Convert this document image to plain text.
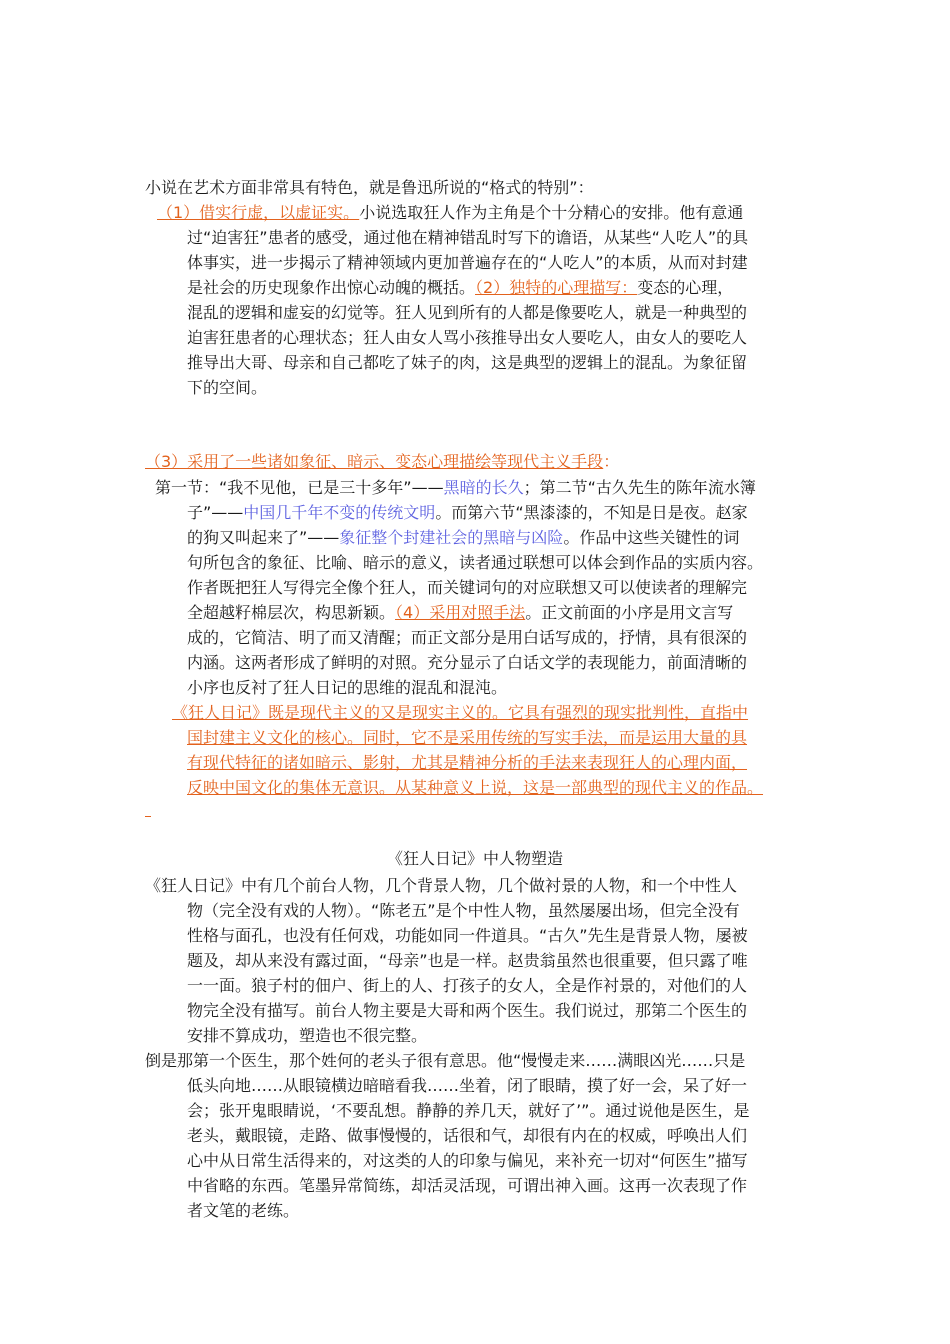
小说在艺术方面非常具有特色，就是鲁迅所说的“格式的特别”：
（1）借实行虚，以虚证实。小说选取狂人作为主角是个十分精心的安排。他有意通
过“迫害狂”患者的感受，通过他在精神错乱时写下的谵语，从某些“人吃人”的具
体事实，进一步揭示了精神领域内更加普遍存在的“人吃人”的本质，从而对封建
是社会的历史现象作出惊心动魄的概括。（2）独特的心理描写：变态的心理，
混乱的逻辑和虚妄的幻觉等。狂人见到所有的人都是像要吃人，就是一种典型的
迫害狂患者的心理状态；狂人由女人骂小孩推导出女人要吃人，由女人的要吃人
推导出大哥、母亲和自己都吃了妹子的肉，这是典型的逻辑上的混乱。为象征留
下的空间。
（3）采用了一些诸如象征、暗示、变态心理描绘等现代主义手段：
第一节：“我不见他，已是三十多年”——黑暗的长久；第二节“古久先生的陈年流水簿
子”——中国几千年不变的传统文明。而第六节“黑漆漆的，不知是日是夜。赵家
的狗又叫起来了”——象征整个封建社会的黑暗与凶险。作品中这些关键性的词
句所包含的象征、比喻、暗示的意义，读者通过联想可以体会到作品的实质内容。
作者既把狂人写得完全像个狂人，而关键词句的对应联想又可以使读者的理解完
全超越籽棉层次，构思新颖。（4）采用对照手法。正文前面的小序是用文言写
成的，它简洁、明了而又清醒；而正文部分是用白话写成的，抒情，具有很深的
内涵。这两者形成了鲜明的对照。充分显示了白话文学的表现能力，前面清晰的
小序也反衬了狂人日记的思维的混乱和混沌。
《狂人日记》既是现代主义的又是现实主义的。它具有强烈的现实批判性，直指中
国封建主义文化的核心。同时，它不是采用传统的写实手法，而是运用大量的具
有现代特征的诸如暗示、影射，尤其是精神分析的手法来表现狂人的心理内面，
反映中国文化的集体无意识。从某种意义上说，这是一部典型的现代主义的作品。
《狂人日记》中人物塑造
《狂人日记》中有几个前台人物，几个背景人物，几个做衬景的人物，和一个中性人
物（完全没有戏的人物）。“陈老五”是个中性人物，虽然屡屡出场，但完全没有
性格与面孔，也没有任何戏，功能如同一件道具。“古久”先生是背景人物，屡被
题及，却从来没有露过面，“母亲”也是一样。赵贵翁虽然也很重要，但只露了唯
一一面。狼子村的佃户、街上的人、打孩子的女人，全是作衬景的，对他们的人
物完全没有描写。前台人物主要是大哥和两个医生。我们说过，那第二个医生的
安排不算成功，塑造也不很完整。
倒是那第一个医生，那个姓何的老头子很有意思。他“慢慢走来……满眼凶光……只是
低头向地……从眼镜横边暗暗看我……坐着，闭了眼睛，摸了好一会，呆了好一
会；张开鬼眼睛说，‘不要乱想。静静的养几天，就好了’”。通过说他是医生，是
老头，戴眼镜，走路、做事慢慢的，话很和气，却很有内在的权威，呼唤出人们
心中从日常生活得来的，对这类的人的印象与偏见，来补充一切对“何医生”描写
中省略的东西。笔墨异常简练，却活灵活现，可谓出神入画。这再一次表现了作
者文笔的老练。
